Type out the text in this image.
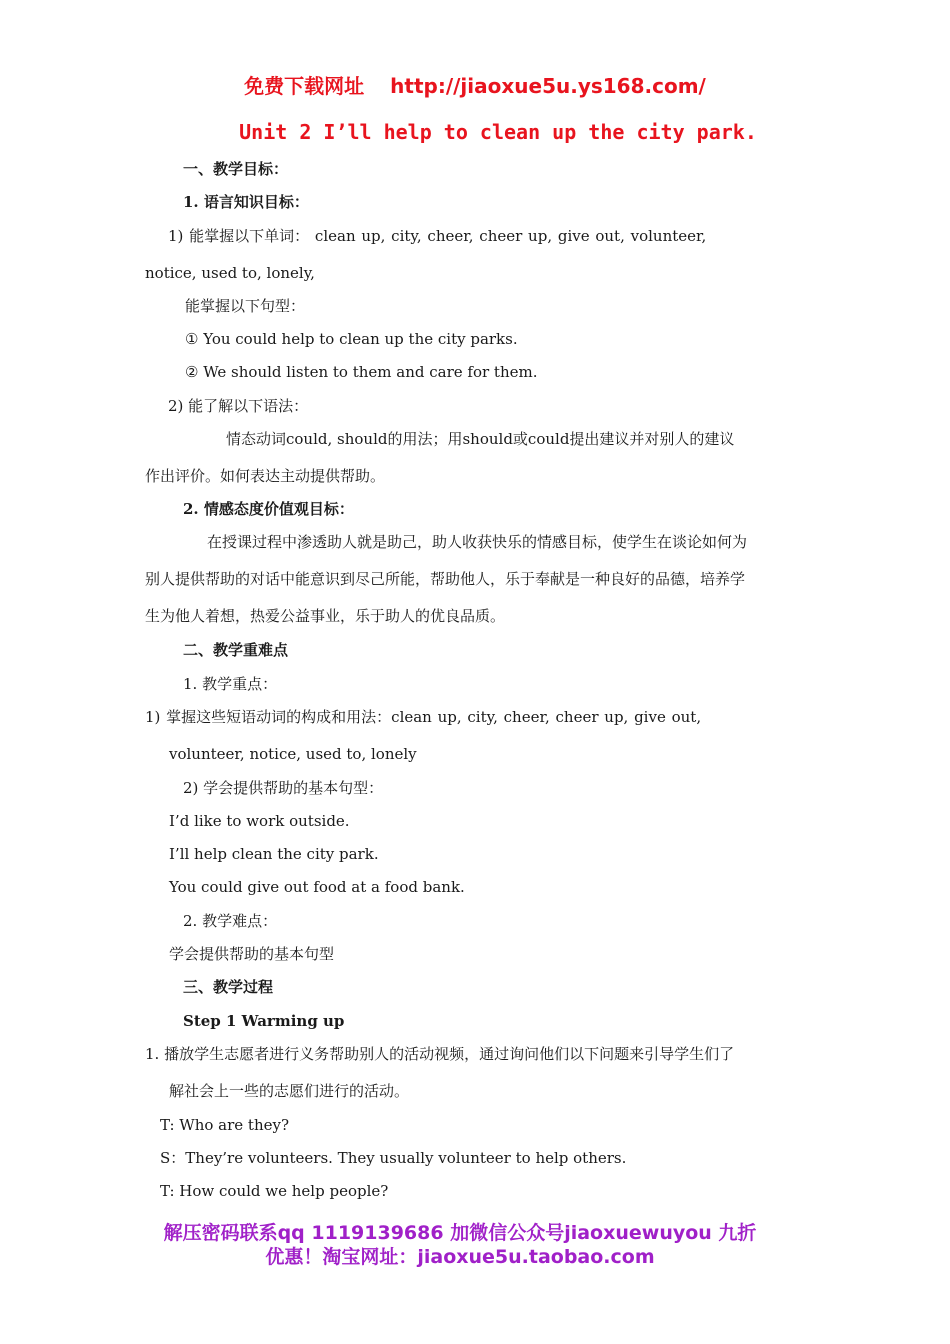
免费下载网址 http://jiaoxue5u.ys168.com/
Unit 2 I’ll help to clean up the city park.
一、教学目标：
1. 语言知识目标：
1) 能掌握以下单词： clean up, city, cheer, cheer up, give out, volunteer,
notice, used to, lonely,
能掌握以下句型：
① You could help to clean up the city parks.
② We should listen to them and care for them.
2) 能了解以下语法：
情态动词could, should的用法；用should或could提出建议并对别人的建议
作出评价。如何表达主动提供帮助。
2. 情感态度价值观目标：
在授课过程中渗透助人就是助己，助人收获快乐的情感目标，使学生在谈论如何为
别人提供帮助的对话中能意识到尽己所能，帮助他人，乐于奉献是一种良好的品德，培养学
生为他人着想，热爱公益事业，乐于助人的优良品质。
二、教学重难点
1. 教学重点：
1) 掌握这些短语动词的构成和用法：clean up, city, cheer, cheer up, give out,
volunteer, notice, used to, lonely
2) 学会提供帮助的基本句型：
I’d like to work outside.
I’ll help clean the city park.
You could give out food at a food bank.
2. 教学难点：
学会提供帮助的基本句型
三、教学过程
Step 1 Warming up
1. 播放学生志愿者进行义务帮助别人的活动视频，通过询问他们以下问题来引导学生们了
解社会上一些的志愿们进行的活动。
T: Who are they?
S：They’re volunteers. They usually volunteer to help others.
T: How could we help people?
解压密码联系qq 1119139686 加微信公众号jiaoxuewuyou 九折
优惠！淘宝网址：jiaoxue5u.taobao.com
